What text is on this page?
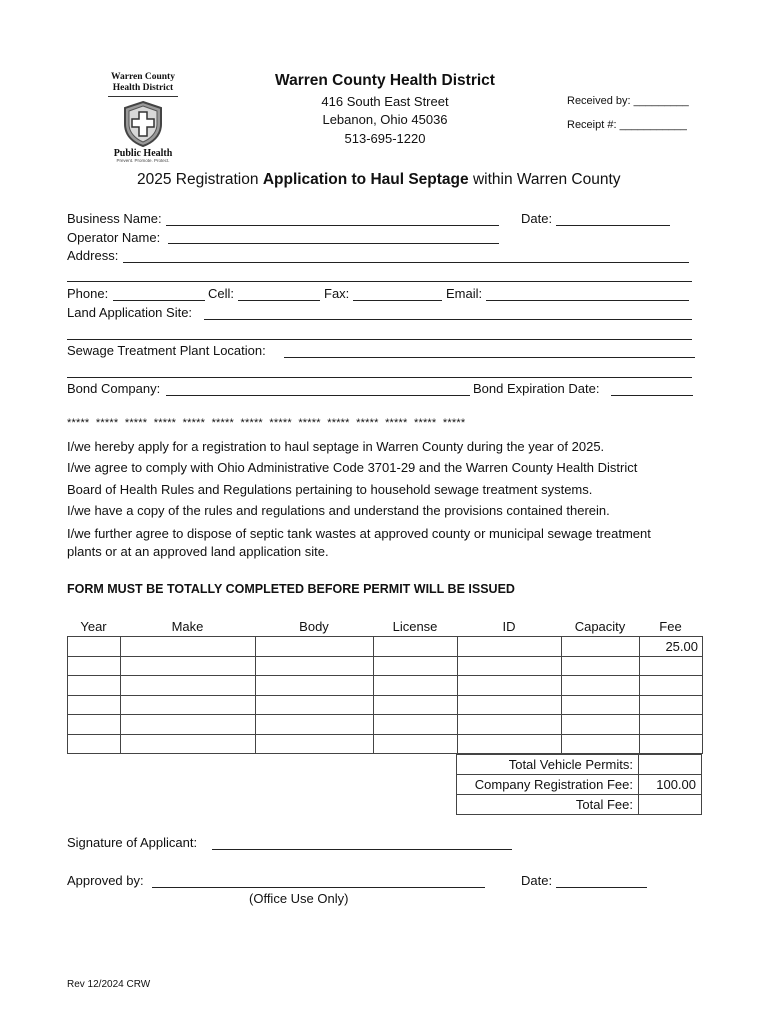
Warren County
Health District
Public Health
Prevent. Promote. Protect.
Warren County Health District
416 South East Street
Lebanon, Ohio 45036
513-695-1220
Received by: _________
Receipt #: ___________
2025 Registration Application to Haul Septage within Warren County
Business Name:	Date:
Operator Name:
Address:
Phone:	Cell:	Fax:	Email:
Land Application Site:
Sewage Treatment Plant Location:
Bond Company:	Bond Expiration Date:
*****  *****  *****  *****  *****  *****  *****  *****  *****  *****  *****  *****  *****  *****
I/we hereby apply for a registration to haul septage in Warren County during the year of 2025.
I/we agree to comply with Ohio Administrative Code 3701-29 and the Warren County Health District
Board of Health Rules and Regulations pertaining to household sewage treatment systems.
I/we have a copy of the rules and regulations and understand the provisions contained therein.
I/we further agree to dispose of septic tank wastes at approved county or municipal sewage treatment
plants or at an approved land application site.
FORM MUST BE TOTALLY COMPLETED BEFORE PERMIT WILL BE ISSUED
Year	Make	Body	License	ID	Capacity	Fee
						25.00

Total Vehicle Permits:	
Company Registration Fee:	100.00
Total Fee:	
Signature of Applicant:
Approved by:	Date:
(Office Use Only)
Rev 12/2024 CRW
